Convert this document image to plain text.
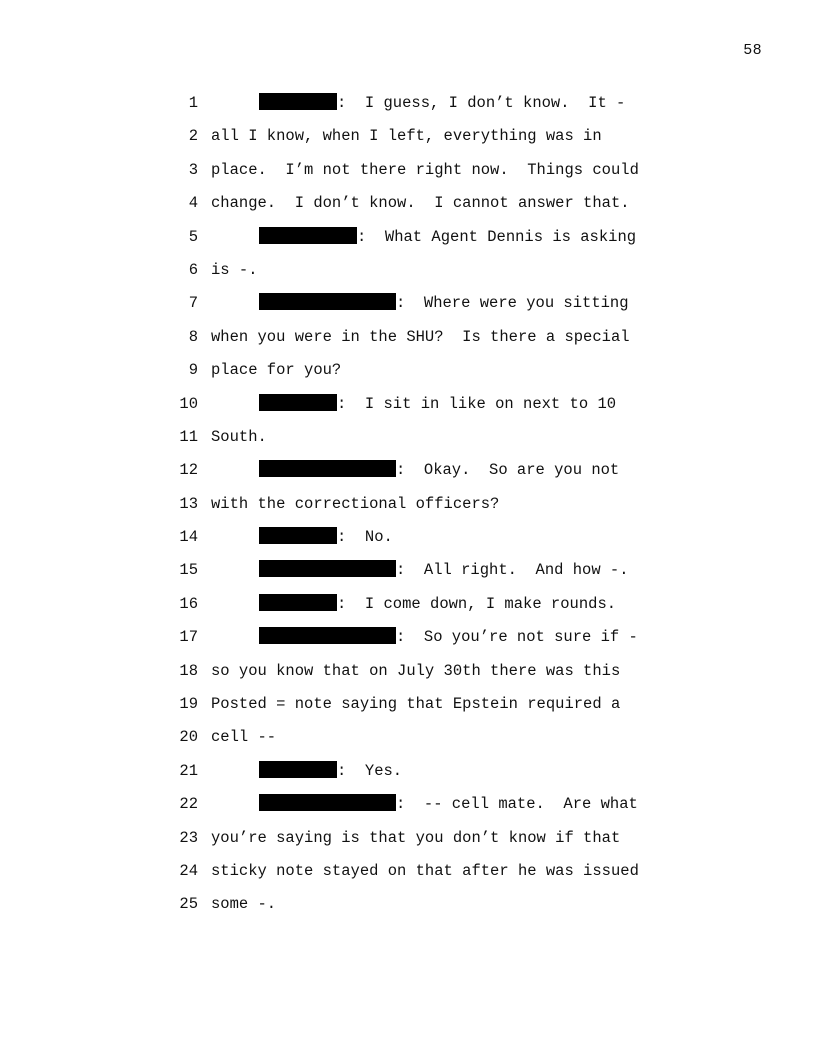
58
1	:  I guess, I don’t know.  It -
2 all I know, when I left, everything was in
3 place.  I’m not there right now.  Things could
4 change.  I don’t know.  I cannot answer that.
5	:  What Agent Dennis is asking
6 is -.
7	:  Where were you sitting
8 when you were in the SHU?  Is there a special
9 place for you?
10	:  I sit in like on next to 10
11 South.
12	:  Okay.  So are you not
13 with the correctional officers?
14	:  No.
15	:  All right.  And how -.
16	:  I come down, I make rounds.
17	:  So you’re not sure if -
18 so you know that on July 30th there was this
19 Posted = note saying that Epstein required a
20 cell --
21	:  Yes.
22	:  -- cell mate.  Are what
23 you’re saying is that you don’t know if that
24 sticky note stayed on that after he was issued
25 some -.
